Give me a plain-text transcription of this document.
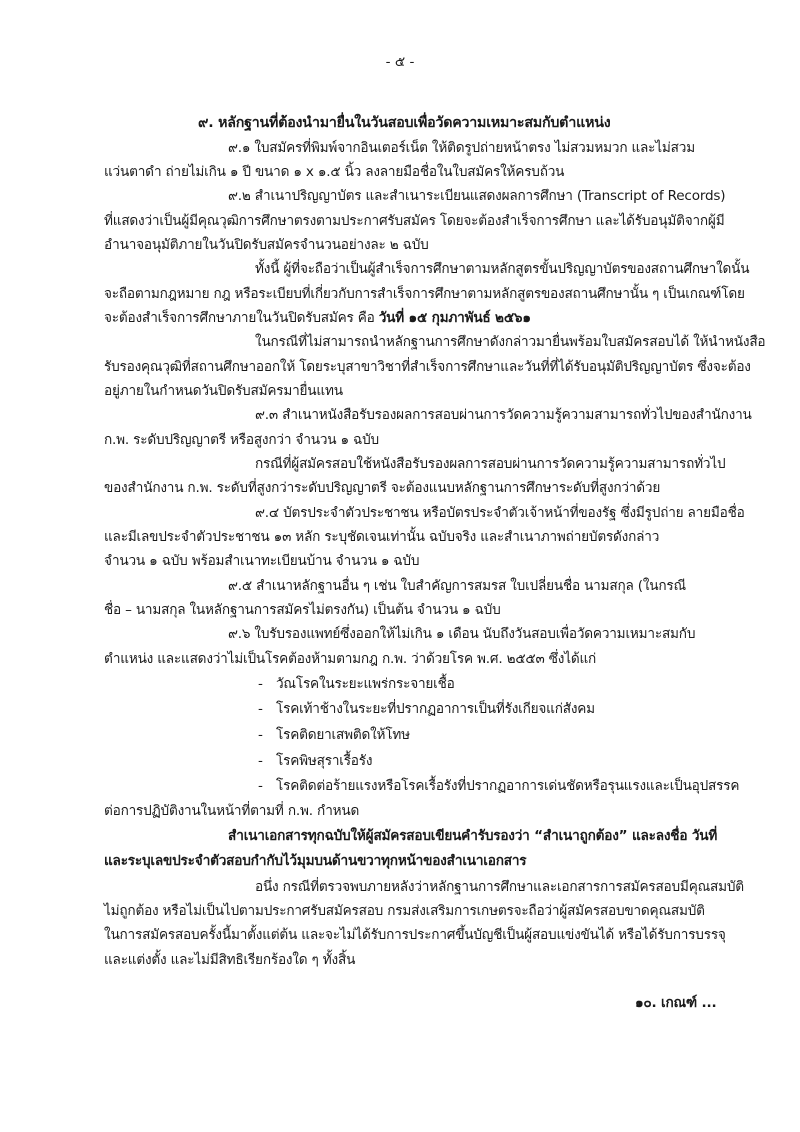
- ๕ -
๙. หลักฐานที่ต้องนำมายื่นในวันสอบเพื่อวัดความเหมาะสมกับตำแหน่ง
๙.๑ ใบสมัครที่พิมพ์จากอินเตอร์เน็ต ให้ติดรูปถ่ายหน้าตรง ไม่สวมหมวก และไม่สวม
แว่นตาดำ ถ่ายไม่เกิน ๑ ปี ขนาด ๑ x ๑.๕ นิ้ว ลงลายมือชื่อในใบสมัครให้ครบถ้วน
๙.๒ สำเนาปริญญาบัตร และสำเนาระเบียนแสดงผลการศึกษา (Transcript of Records)
ที่แสดงว่าเป็นผู้มีคุณวุฒิการศึกษาตรงตามประกาศรับสมัคร โดยจะต้องสำเร็จการศึกษา และได้รับอนุมัติจากผู้มี
อำนาจอนุมัติภายในวันปิดรับสมัครจำนวนอย่างละ ๒ ฉบับ
ทั้งนี้ ผู้ที่จะถือว่าเป็นผู้สำเร็จการศึกษาตามหลักสูตรขั้นปริญญาบัตรของสถานศึกษาใดนั้น
จะถือตามกฎหมาย กฎ หรือระเบียบที่เกี่ยวกับการสำเร็จการศึกษาตามหลักสูตรของสถานศึกษานั้น ๆ เป็นเกณฑ์โดย
จะต้องสำเร็จการศึกษาภายในวันปิดรับสมัคร คือ วันที่ ๑๕ กุมภาพันธ์ ๒๕๖๑
ในกรณีที่ไม่สามารถนำหลักฐานการศึกษาดังกล่าวมายื่นพร้อมใบสมัครสอบได้ ให้นำหนังสือ
รับรองคุณวุฒิที่สถานศึกษาออกให้ โดยระบุสาขาวิชาที่สำเร็จการศึกษาและวันที่ที่ได้รับอนุมัติปริญญาบัตร ซึ่งจะต้อง
อยู่ภายในกำหนดวันปิดรับสมัครมายื่นแทน
๙.๓ สำเนาหนังสือรับรองผลการสอบผ่านการวัดความรู้ความสามารถทั่วไปของสำนักงาน
ก.พ. ระดับปริญญาตรี หรือสูงกว่า จำนวน ๑ ฉบับ
กรณีที่ผู้สมัครสอบใช้หนังสือรับรองผลการสอบผ่านการวัดความรู้ความสามารถทั่วไป
ของสำนักงาน ก.พ. ระดับที่สูงกว่าระดับปริญญาตรี จะต้องแนบหลักฐานการศึกษาระดับที่สูงกว่าด้วย
๙.๔ บัตรประจำตัวประชาชน หรือบัตรประจำตัวเจ้าหน้าที่ของรัฐ ซึ่งมีรูปถ่าย ลายมือชื่อ
และมีเลขประจำตัวประชาชน ๑๓ หลัก ระบุชัดเจนเท่านั้น ฉบับจริง และสำเนาภาพถ่ายบัตรดังกล่าว
จำนวน ๑ ฉบับ พร้อมสำเนาทะเบียนบ้าน จำนวน ๑ ฉบับ
๙.๕ สำเนาหลักฐานอื่น ๆ เช่น ใบสำคัญการสมรส ใบเปลี่ยนชื่อ นามสกุล (ในกรณี
ชื่อ – นามสกุล ในหลักฐานการสมัครไม่ตรงกัน) เป็นต้น จำนวน ๑ ฉบับ
๙.๖ ใบรับรองแพทย์ซึ่งออกให้ไม่เกิน ๑ เดือน นับถึงวันสอบเพื่อวัดความเหมาะสมกับ
ตำแหน่ง และแสดงว่าไม่เป็นโรคต้องห้ามตามกฎ ก.พ. ว่าด้วยโรค พ.ศ. ๒๕๕๓ ซึ่งได้แก่
- วัณโรคในระยะแพร่กระจายเชื้อ
- โรคเท้าช้างในระยะที่ปรากฏอาการเป็นที่รังเกียจแก่สังคม
- โรคติดยาเสพติดให้โทษ
- โรคพิษสุราเรื้อรัง
- โรคติดต่อร้ายแรงหรือโรคเรื้อรังที่ปรากฏอาการเด่นชัดหรือรุนแรงและเป็นอุปสรรค
ต่อการปฏิบัติงานในหน้าที่ตามที่ ก.พ. กำหนด
สำเนาเอกสารทุกฉบับให้ผู้สมัครสอบเขียนคำรับรองว่า “สำเนาถูกต้อง” และลงชื่อ วันที่
และระบุเลขประจำตัวสอบกำกับไว้มุมบนด้านขวาทุกหน้าของสำเนาเอกสาร
อนึ่ง กรณีที่ตรวจพบภายหลังว่าหลักฐานการศึกษาและเอกสารการสมัครสอบมีคุณสมบัติ
ไม่ถูกต้อง หรือไม่เป็นไปตามประกาศรับสมัครสอบ กรมส่งเสริมการเกษตรจะถือว่าผู้สมัครสอบขาดคุณสมบัติ
ในการสมัครสอบครั้งนี้มาตั้งแต่ต้น และจะไม่ได้รับการประกาศขึ้นบัญชีเป็นผู้สอบแข่งขันได้ หรือได้รับการบรรจุ
และแต่งตั้ง และไม่มีสิทธิเรียกร้องใด ๆ ทั้งสิ้น
๑๐. เกณฑ์ ...
